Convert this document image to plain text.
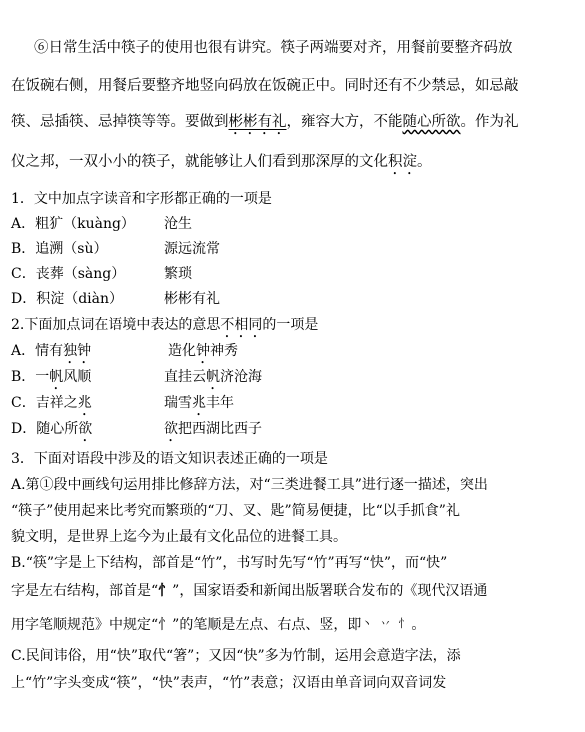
⑥日常生活中筷子的使用也很有讲究。筷子两端要对齐，用餐前要整齐码放
在饭碗右侧，用餐后要整齐地竖向码放在饭碗正中。同时还有不少禁忌，如忌敲
筷、忌插筷、忌掉筷等等。要做到彬彬有礼，雍容大方，不能随心所欲。作为礼
仪之邦，一双小小的筷子，就能够让人们看到那深厚的文化积淀。
1．文中加点字读音和字形都正确的一项是
A．粗犷（kuàng） 沧生
B．追溯（sù）	源远流常
C．丧葬（sàng）	繁琐
D．积淀（diàn）	彬彬有礼
2.下面加点词在语境中表达的意思不相同的一项是
A．情有独钟	造化钟神秀
B．一帆风顺	直挂云帆济沧海
C．吉祥之兆	瑞雪兆丰年
D．随心所欲	欲把西湖比西子
3．下面对语段中涉及的语文知识表述正确的一项是
A.第①段中画线句运用排比修辞方法，对“三类进餐工具”进行逐一描述，突出
“筷子”使用起来比考究而繁琐的“刀、叉、匙”简易便捷，比“以手抓食”礼
貌文明，是世界上迄今为止最有文化品位的进餐工具。
B.“筷”字是上下结构，部首是“竹”，书写时先写“竹”再写“快”，而“快”
字是左右结构，部首是“忄”，国家语委和新闻出版署联合发布的《现代汉语通
用字笔顺规范》中规定“忄”的笔顺是左点、右点、竖，即丶 丷 忄。
C.民间讳俗，用“快”取代“箸”；又因“快”多为竹制，运用会意造字法，添
上“竹”字头变成“筷”，“快”表声，“竹”表意；汉语由单音词向双音词发
